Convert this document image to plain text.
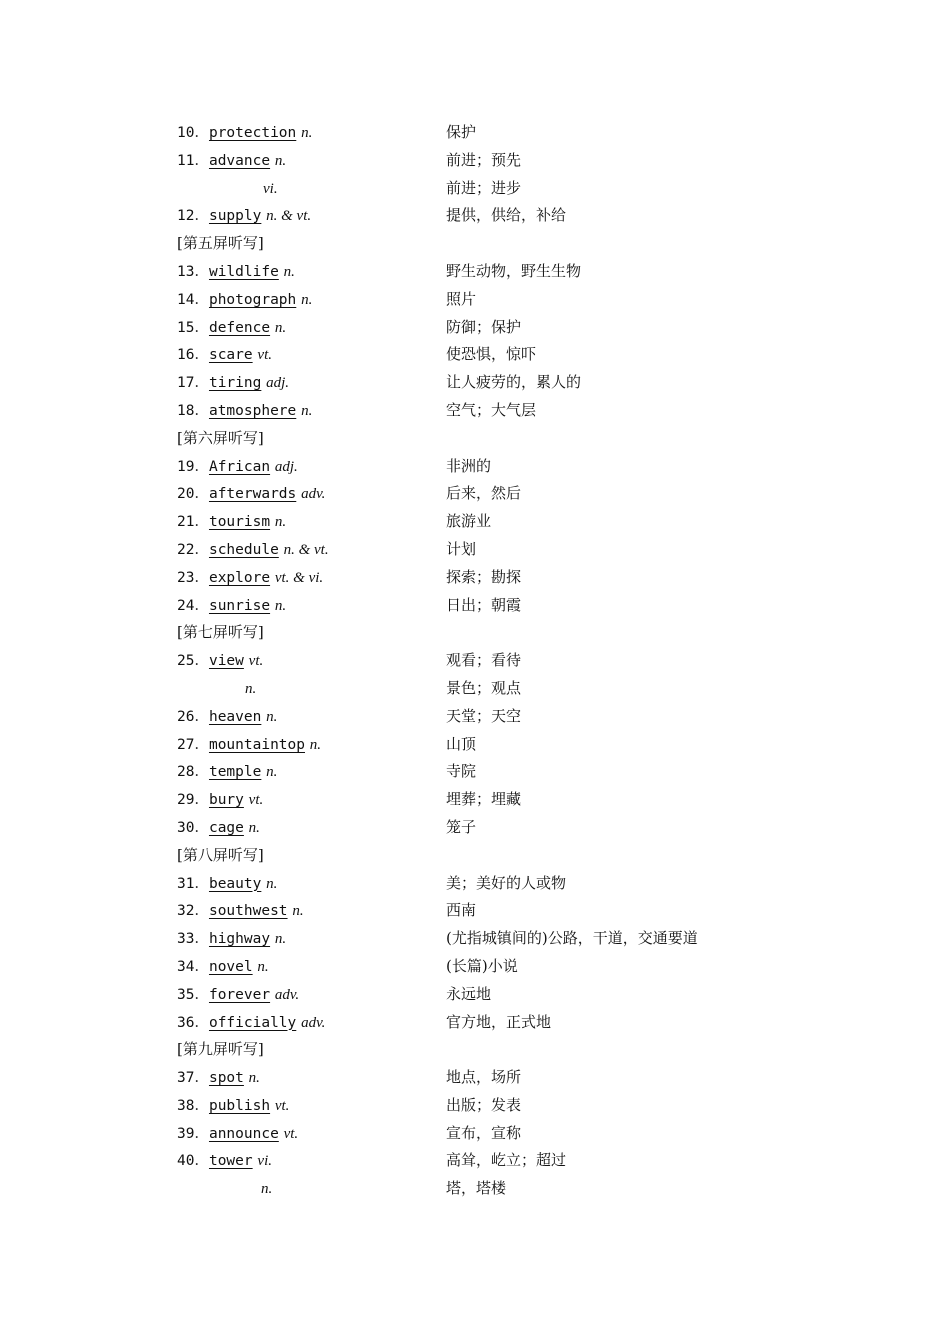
10．protection n.	保护
11．advance n.	前进；预先
vi.	前进；进步
12．supply n. & vt.	提供，供给，补给
[第五屏听写]
13．wildlife n.	野生动物，野生生物
14．photograph n.	照片
15．defence n.	防御；保护
16．scare vt.	使恐惧，惊吓
17．tiring adj.	让人疲劳的，累人的
18．atmosphere n.	空气；大气层
[第六屏听写]
19．African adj.	非洲的
20．afterwards adv.	后来，然后
21．tourism n.	旅游业
22．schedule n. & vt.	计划
23．explore vt. & vi.	探索；勘探
24．sunrise n.	日出；朝霞
[第七屏听写]
25．view vt.	观看；看待
n.	景色；观点
26．heaven n.	天堂；天空
27．mountaintop n.	山顶
28．temple n.	寺院
29．bury vt.	埋葬；埋藏
30．cage n.	笼子
[第八屏听写]
31．beauty n.	美；美好的人或物
32．southwest n.	西南
33．highway n.	(尤指城镇间的)公路，干道，交通要道
34．novel n.	(长篇)小说
35．forever adv.	永远地
36．officially adv.	官方地，正式地
[第九屏听写]
37．spot n.	地点，场所
38．publish vt.	出版；发表
39．announce vt.	宣布，宣称
40．tower vi.	高耸，屹立；超过
n.	塔，塔楼
